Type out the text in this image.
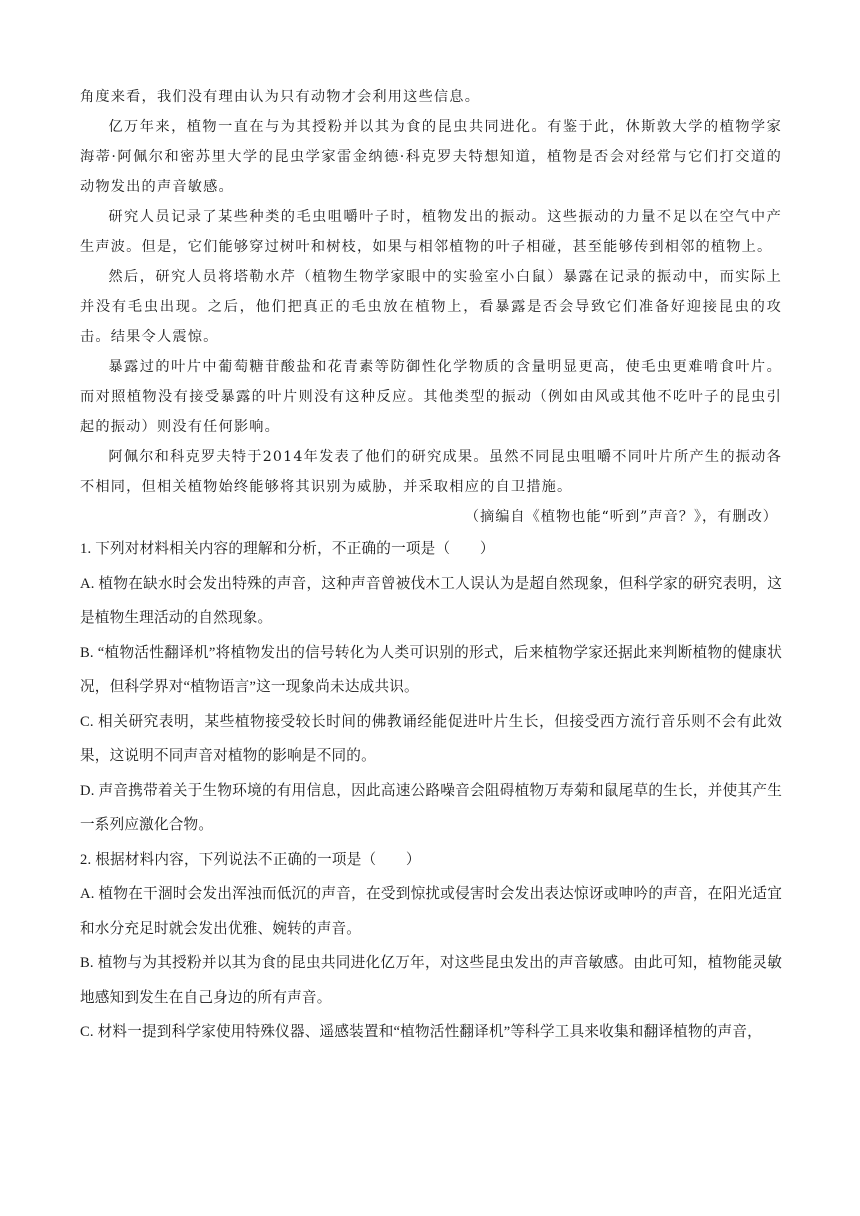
角度来看，我们没有理由认为只有动物才会利用这些信息。

亿万年来，植物一直在与为其授粉并以其为食的昆虫共同进化。有鉴于此，休斯敦大学的植物学家海蒂·阿佩尔和密苏里大学的昆虫学家雷金纳德·科克罗夫特想知道，植物是否会对经常与它们打交道的动物发出的声音敏感。

研究人员记录了某些种类的毛虫咀嚼叶子时，植物发出的振动。这些振动的力量不足以在空气中产生声波。但是，它们能够穿过树叶和树枝，如果与相邻植物的叶子相碰，甚至能够传到相邻的植物上。

然后，研究人员将塔勒水芹（植物生物学家眼中的实验室小白鼠）暴露在记录的振动中，而实际上并没有毛虫出现。之后，他们把真正的毛虫放在植物上，看暴露是否会导致它们准备好迎接昆虫的攻击。结果令人震惊。

暴露过的叶片中葡萄糖苷酸盐和花青素等防御性化学物质的含量明显更高，使毛虫更难啃食叶片。而对照植物没有接受暴露的叶片则没有这种反应。其他类型的振动（例如由风或其他不吃叶子的昆虫引起的振动）则没有任何影响。

阿佩尔和科克罗夫特于2014年发表了他们的研究成果。虽然不同昆虫咀嚼不同叶片所产生的振动各不相同，但相关植物始终能够将其识别为威胁，并采取相应的自卫措施。

（摘编自《植物也能“听到”声音？》，有删改）

1. 下列对材料相关内容的理解和分析，不正确的一项是（　　）

A. 植物在缺水时会发出特殊的声音，这种声音曾被伐木工人误认为是超自然现象，但科学家的研究表明，这是植物生理活动的自然现象。

B. “植物活性翻译机”将植物发出的信号转化为人类可识别的形式，后来植物学家还据此来判断植物的健康状况，但科学界对“植物语言”这一现象尚未达成共识。

C. 相关研究表明，某些植物接受较长时间的佛教诵经能促进叶片生长，但接受西方流行音乐则不会有此效果，这说明不同声音对植物的影响是不同的。

D. 声音携带着关于生物环境的有用信息，因此高速公路噪音会阻碍植物万寿菊和鼠尾草的生长，并使其产生一系列应激化合物。

2. 根据材料内容，下列说法不正确的一项是（　　）

A. 植物在干涸时会发出浑浊而低沉的声音，在受到惊扰或侵害时会发出表达惊讶或呻吟的声音，在阳光适宜和水分充足时就会发出优雅、婉转的声音。

B. 植物与为其授粉并以其为食的昆虫共同进化亿万年，对这些昆虫发出的声音敏感。由此可知，植物能灵敏地感知到发生在自己身边的所有声音。

C. 材料一提到科学家使用特殊仪器、遥感装置和“植物活性翻译机”等科学工具来收集和翻译植物的声音，
